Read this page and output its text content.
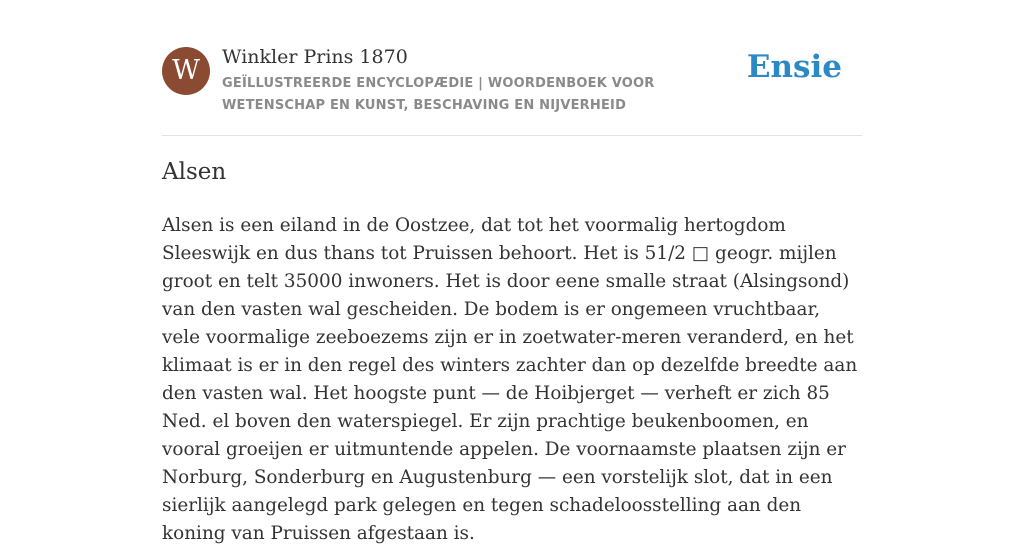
W	Winkler Prins 1870
GEÏLLUSTREERDE ENCYCLOPÆDIE | WOORDENBOEK VOOR WETENSCHAP EN KUNST, BESCHAVING EN NIJVERHEID
Ensie
Alsen

Alsen is een eiland in de Oostzee, dat tot het voormalig hertogdom Sleeswijk en dus thans tot Pruissen behoort. Het is 51/2 □ geogr. mijlen groot en telt 35000 inwoners. Het is door eene smalle straat (Alsingsond) van den vasten wal gescheiden. De bodem is er ongemeen vruchtbaar, vele voormalige zeeboezems zijn er in zoetwater-meren veranderd, en het klimaat is er in den regel des winters zachter dan op dezelfde breedte aan den vasten wal. Het hoogste punt — de Hoibjerget — verheft er zich 85 Ned. el boven den waterspiegel. Er zijn prachtige beukenboomen, en vooral groeijen er uitmuntende appelen. De voornaamste plaatsen zijn er Norburg, Sonderburg en Augustenburg — een vorstelijk slot, dat in een sierlijk aangelegd park gelegen en tegen schadeloosstelling aan den koning van Pruissen afgestaan is.
